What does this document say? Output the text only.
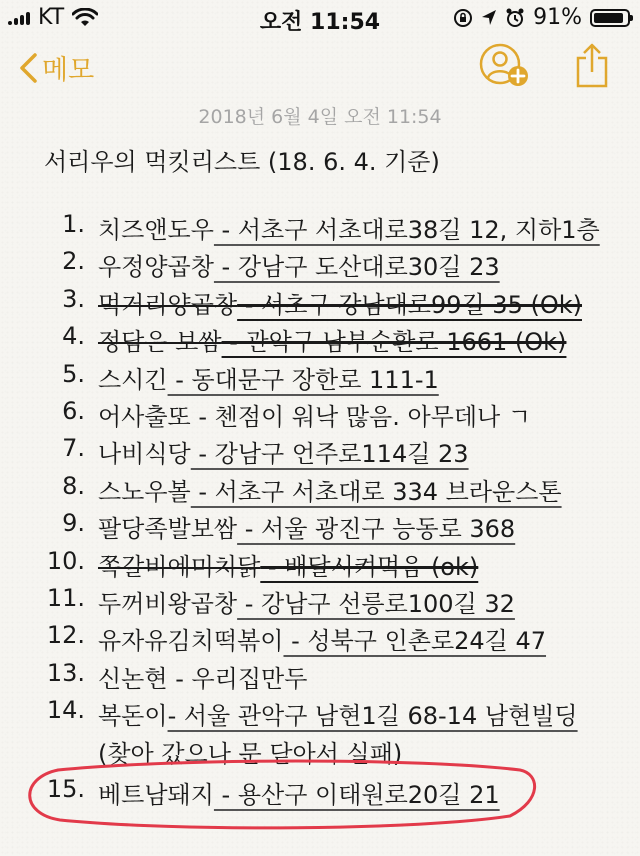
KT	오전 11:54	91%
메모
2018년 6월 4일 오전 11:54
서리우의 먹킷리스트 (18. 6. 4. 기준)
1. 치즈앤도우 - 서초구 서초대로38길 12, 지하1층
2. 우정양곱창 - 강남구 도산대로30길 23
3. 먹거리양곱창 - 서초구 강남대로99길 35 (Ok)
4. 정담은 보쌈 - 관악구 남부순환로 1661 (Ok)
5. 스시긴 - 동대문구 장한로 111-1
6. 어사출또 - 첸점이 워낙 많음. 아무데나 ㄱ
7. 나비식당 - 강남구 언주로114길 23
8. 스노우볼 - 서초구 서초대로 334 브라운스톤
9. 팔당족발보쌈 - 서울 광진구 능동로 368
10. 쪽갈비에미치닭 - 배달시켜먹음 (ok)
11. 두꺼비왕곱창 - 강남구 선릉로100길 32
12. 유자유김치떡볶이 - 성북구 인촌로24길 47
13. 신논현 - 우리집만두
14. 복돈이- 서울 관악구 남현1길 68-14 남현빌딩
(찾아 갔으나 문 닫아서 실패)
15. 베트남돼지 - 용산구 이태원로20길 21
